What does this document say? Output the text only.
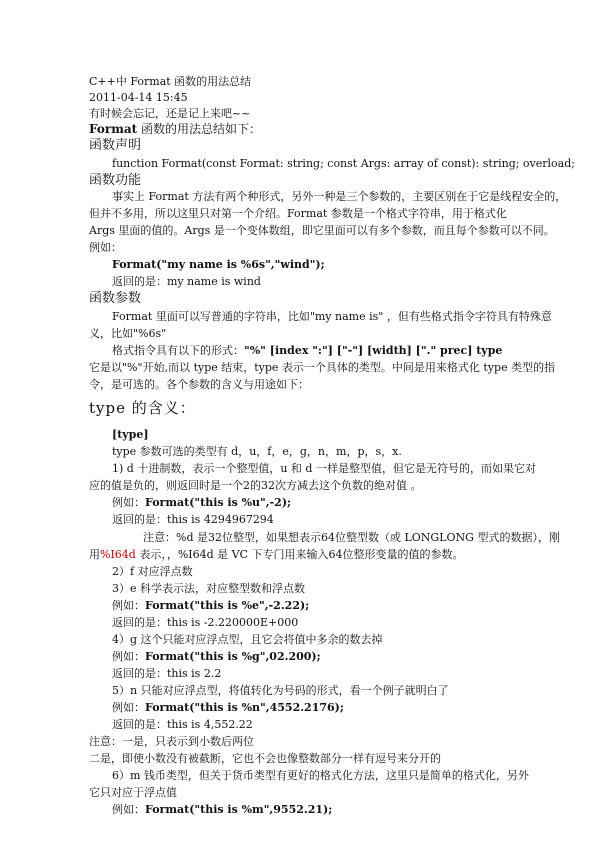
C++中 Format 函数的用法总结
2011-04-14 15:45
有时候会忘记，还是记上来吧~~
Format 函数的用法总结如下：
函数声明
function Format(const Format: string; const Args: array of const): string; overload;
函数功能
事实上 Format 方法有两个种形式，另外一种是三个参数的，主要区别在于它是线程安全的，
但并不多用，所以这里只对第一个介绍。Format 参数是一个格式字符串，用于格式化
Args 里面的值的。Args 是一个变体数组，即它里面可以有多个参数，而且每个参数可以不同。
例如：
Format("my name is %6s","wind");
返回的是：my name is wind
函数参数
Format 里面可以写普通的字符串，比如"my name is" ，但有些格式指令字符具有特殊意
义，比如"%6s"
格式指令具有以下的形式："%" [index ":"] ["-"] [width] ["." prec] type
它是以"%"开始,而以 type 结束，type 表示一个具体的类型。中间是用来格式化 type 类型的指
令，是可选的。各个参数的含义与用途如下：
type 的含义：
[type]
type 参数可选的类型有 d，u，f，e，g，n，m，p，s，x.
1) d 十进制数，表示一个整型值，u 和 d 一样是整型值，但它是无符号的，而如果它对
应的值是负的，则返回时是一个2的32次方减去这个负数的绝对值 。
例如：Format("this is %u",-2);
返回的是：this is 4294967294
注意：%d 是32位整型，如果想表示64位整型数（或 LONGLONG 型式的数据），刚
用%I64d 表示，，%I64d 是 VC 下专门用来输入64位整形变量的值的参数。
2）f 对应浮点数
3）e 科学表示法，对应整型数和浮点数
例如：Format("this is %e",-2.22);
返回的是：this is -2.220000E+000
4）g 这个只能对应浮点型，且它会将值中多余的数去掉
例如：Format("this is %g",02.200);
返回的是：this is 2.2
5）n 只能对应浮点型，将值转化为号码的形式，看一个例子就明白了
例如：Format("this is %n",4552.2176);
返回的是：this is 4,552.22
注意：一是，只表示到小数后两位
二是，即使小数没有被截断，它也不会也像整数部分一样有逗号来分开的
6）m 钱币类型，但关于货币类型有更好的格式化方法，这里只是简单的格式化，另外
它只对应于浮点值
例如：Format("this is %m",9552.21);
